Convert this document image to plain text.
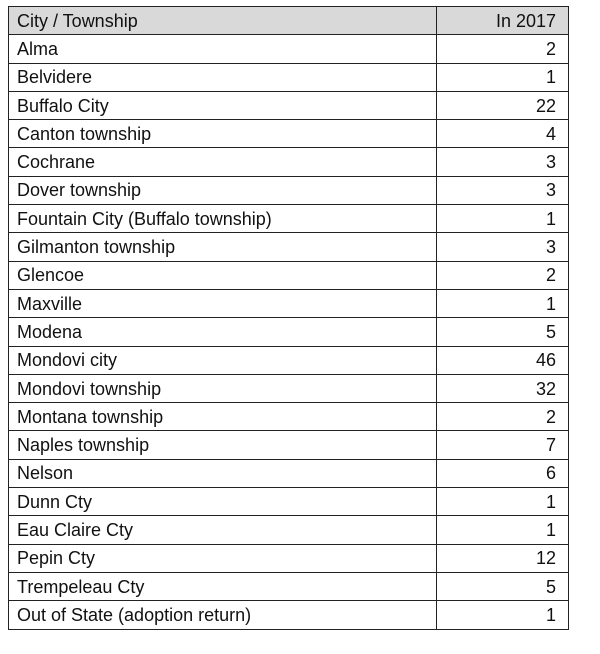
City / Township	In 2017
Alma	2
Belvidere	1
Buffalo City	22
Canton township	4
Cochrane	3
Dover township	3
Fountain City (Buffalo township)	1
Gilmanton township	3
Glencoe	2
Maxville	1
Modena	5
Mondovi city	46
Mondovi township	32
Montana township	2
Naples township	7
Nelson	6
Dunn Cty	1
Eau Claire Cty	1
Pepin Cty	12
Trempeleau Cty	5
Out of State (adoption return)	1
